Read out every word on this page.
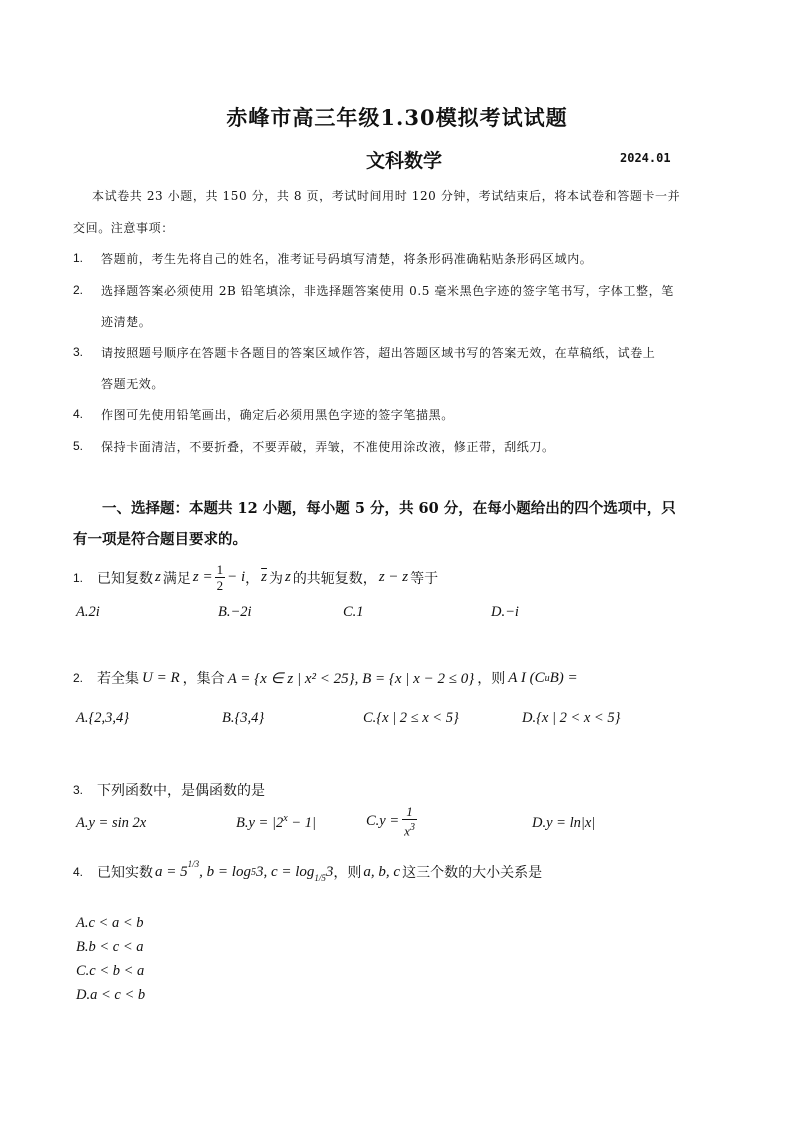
赤峰市高三年级1.30模拟考试试题
文科数学	2024.01
本试卷共 23 小题，共 150 分，共 8 页，考试时间用时 120 分钟，考试结束后，将本试卷和答题卡一并
交回。注意事项：
1. 答题前，考生先将自己的姓名，准考证号码填写清楚，将条形码准确粘贴条形码区域内。
2. 选择题答案必须使用 2B 铅笔填涂，非选择题答案使用 0.5 毫米黑色字迹的签字笔书写，字体工整，笔
迹清楚。
3. 请按照题号顺序在答题卡各题目的答案区域作答，超出答题区域书写的答案无效，在草稿纸，试卷上
答题无效。
4. 作图可先使用铅笔画出，确定后必须用黑色字迹的签字笔描黑。
5. 保持卡面清洁，不要折叠，不要弄破，弄皱，不准使用涂改液，修正带，刮纸刀。
一、选择题：本题共 12 小题，每小题 5 分，共 60 分，在每小题给出的四个选项中，只
有一项是符合题目要求的。
1. 已知复数 z 满足 $z = \frac{1}{2} - i$ ， $\overline{z}$ 为 z 的共轭复数， z − z 等于
A.2i	B.−2i	C.1	D.−i
2. 若全集 U = R ，集合 A = {x ∈ z | x² < 25}, B = {x | x − 2 ≤ 0} ，则 A I (C u B) =
A.{2,3,4}	B.{3,4}	C.{x | 2 ≤ x < 5}	D.{x | 2 < x < 5}
3. 下列函数中，是偶函数的是
A.y = sin 2x	$B.y = |2^x - 1|$	$C.y = \frac{1}{x^3}$	D.y = ln|x|
4. 已知实数 $a = 5^{1/3}$ , b = log 5 3, $c = \log_{1/5} 3$ ，则 a, b, c 这三个数的大小关系是
A.c < a < b
B.b < c < a
C.c < b < a
D.a < c < b
